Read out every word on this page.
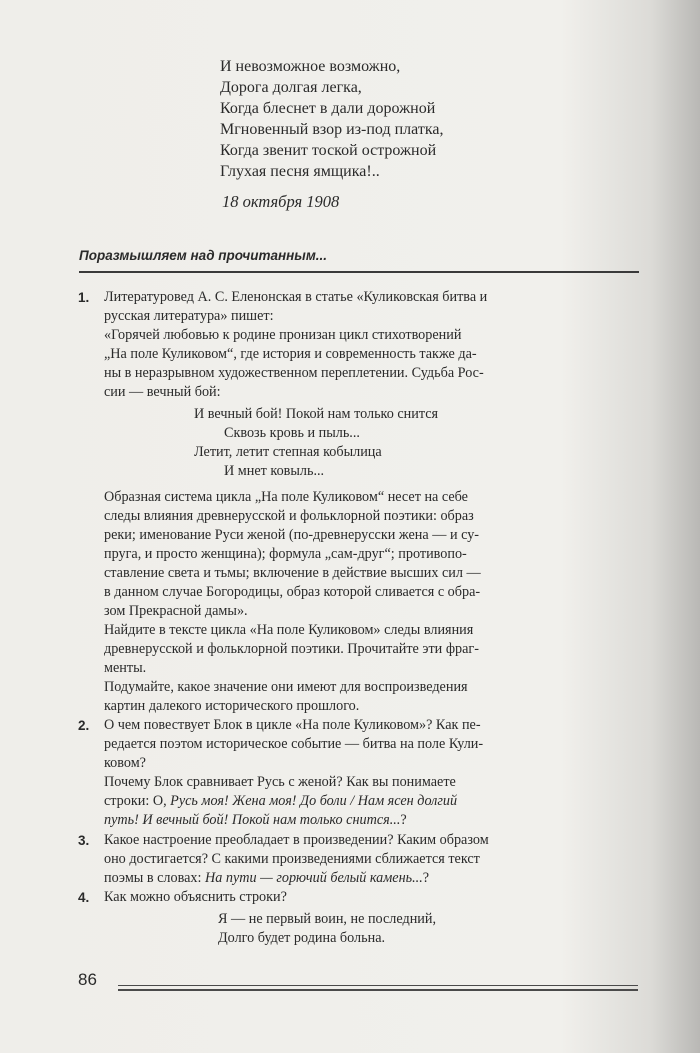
И невозможное возможно,
Дорога долгая легка,
Когда блеснет в дали дорожной
Мгновенный взор из-под платка,
Когда звенит тоской острожной
Глухая песня ямщика!..
18 октября 1908
Поразмышляем над прочитанным...
1. Литературовед А. С. Еленонская в статье «Куликовская битва и
русская литература» пишет:
«Горячей любовью к родине пронизан цикл стихотворений
„На поле Куликовом“, где история и современность также да-
ны в неразрывном художественном переплетении. Судьба Рос-
сии — вечный бой:
И вечный бой! Покой нам только снится
Сквозь кровь и пыль...
Летит, летит степная кобылица
И мнет ковыль...
Образная система цикла „На поле Куликовом“ несет на себе
следы влияния древнерусской и фольклорной поэтики: образ
реки; именование Руси женой (по-древнерусски жена — и су-
пруга, и просто женщина); формула „сам-друг“; противопо-
ставление света и тьмы; включение в действие высших сил —
в данном случае Богородицы, образ которой сливается с обра-
зом Прекрасной дамы».
Найдите в тексте цикла «На поле Куликовом» следы влияния
древнерусской и фольклорной поэтики. Прочитайте эти фраг-
менты.
Подумайте, какое значение они имеют для воспроизведения
картин далекого исторического прошлого.
2. О чем повествует Блок в цикле «На поле Куликовом»? Как пе-
редается поэтом историческое событие — битва на поле Кули-
ковом?
Почему Блок сравнивает Русь с женой? Как вы понимаете
строки: О, Русь моя! Жена моя! До боли / Нам ясен долгий
путь! И вечный бой! Покой нам только снится...?
3. Какое настроение преобладает в произведении? Каким образом
оно достигается? С какими произведениями сближается текст
поэмы в словах: На пути — горючий белый камень...?
4. Как можно объяснить строки?
Я — не первый воин, не последний,
Долго будет родина больна.
86
